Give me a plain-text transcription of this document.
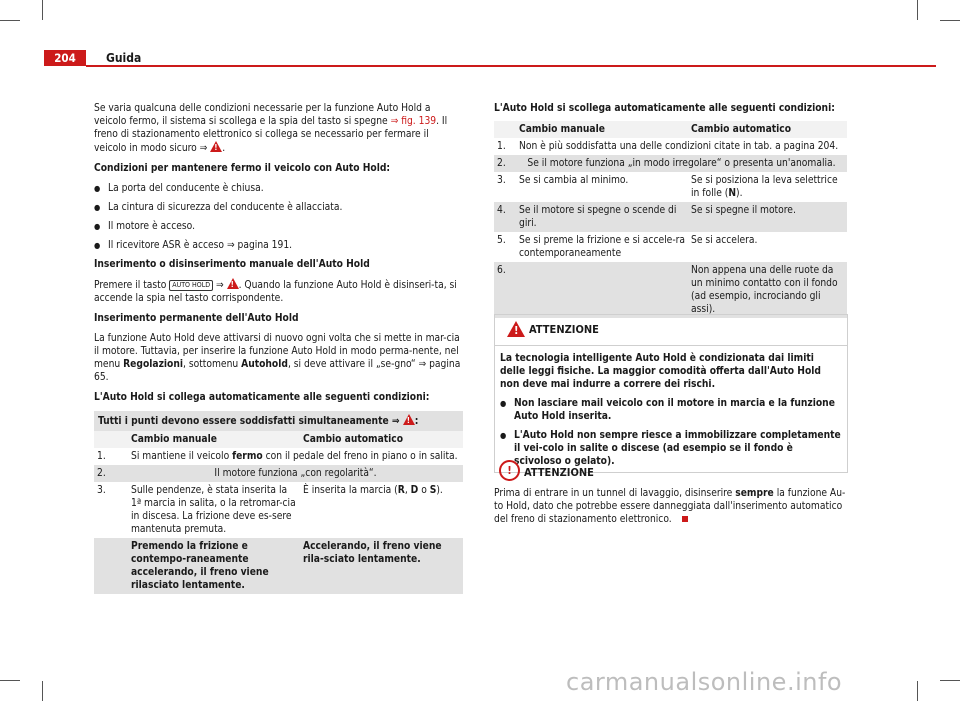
204	Guida

Se varia qualcuna delle condizioni necessarie per la funzione Auto Hold a veicolo fermo, il sistema si scollega e la spia del tasto si spegne ⇒ fig. 139. Il freno di stazionamento elettronico si collega se necessario per fermare il veicolo in modo sicuro ⇒ !.

Condizioni per mantenere fermo il veicolo con Auto Hold:

● La porta del conducente è chiusa.
● La cintura di sicurezza del conducente è allacciata.
● Il motore è acceso.
● Il ricevitore ASR è acceso ⇒ pagina 191.

Inserimento o disinserimento manuale dell'Auto Hold

Premere il tasto AUTO HOLD ⇒ !. Quando la funzione Auto Hold è disinseri-ta, si accende la spia nel tasto corrispondente.

Inserimento permanente dell'Auto Hold

La funzione Auto Hold deve attivarsi di nuovo ogni volta che si mette in mar-cia il motore. Tuttavia, per inserire la funzione Auto Hold in modo perma-nente, nel menu Regolazioni, sottomenu Autohold, si deve attivare il „se-gno“ ⇒ pagina 65.

L'Auto Hold si collega automaticamente alle seguenti condizioni:

Tutti i punti devono essere soddisfatti simultaneamente ⇒ !:
	Cambio manuale	Cambio automatico
1.	Si mantiene il veicolo fermo con il pedale del freno in piano o in salita.	
2.	Il motore funziona „con regolarità“.	
3.	Sulle pendenze, è stata inserita la 1ª marcia in salita, o la retromar-cia in discesa. La frizione deve es-sere mantenuta premuta.	È inserita la marcia (R, D o S).
	Premendo la frizione e contempo-raneamente accelerando, il freno viene rilasciato lentamente.	Accelerando, il freno viene rila-sciato lentamente.

L'Auto Hold si scollega automaticamente alle seguenti condizioni:

	Cambio manuale	Cambio automatico
1.	Non è più soddisfatta una delle condizioni citate in tab. a pagina 204.	
2.	Se il motore funziona „in modo irregolare“ o presenta un'anomalia.	
3.	Se si cambia al minimo.	Se si posiziona la leva selettrice in folle (N).
4.	Se il motore si spegne o scende di giri.	Se si spegne il motore.
5.	Se si preme la frizione e si accele-ra contemporaneamente	Se si accelera.
6.		Non appena una delle ruote da un minimo contatto con il fondo (ad esempio, incrociando gli assi).
!
ATTENZIONE

La tecnologia intelligente Auto Hold è condizionata dai limiti delle leggi fisiche. La maggior comodità offerta dall'Auto Hold non deve mai indurre a correre dei rischi.

● Non lasciare mail veicolo con il motore in marcia e la funzione Auto Hold inserita.
● L'Auto Hold non sempre riesce a immobilizzare completamente il vei-colo in salite o discese (ad esempio se il fondo è scivoloso o gelato).
!	ATTENZIONE
Prima di entrare in un tunnel di lavaggio, disinserire sempre la funzione Au-to Hold, dato che potrebbe essere danneggiata dall'inserimento automatico del freno di stazionamento elettronico.
carmanualsonline.info
